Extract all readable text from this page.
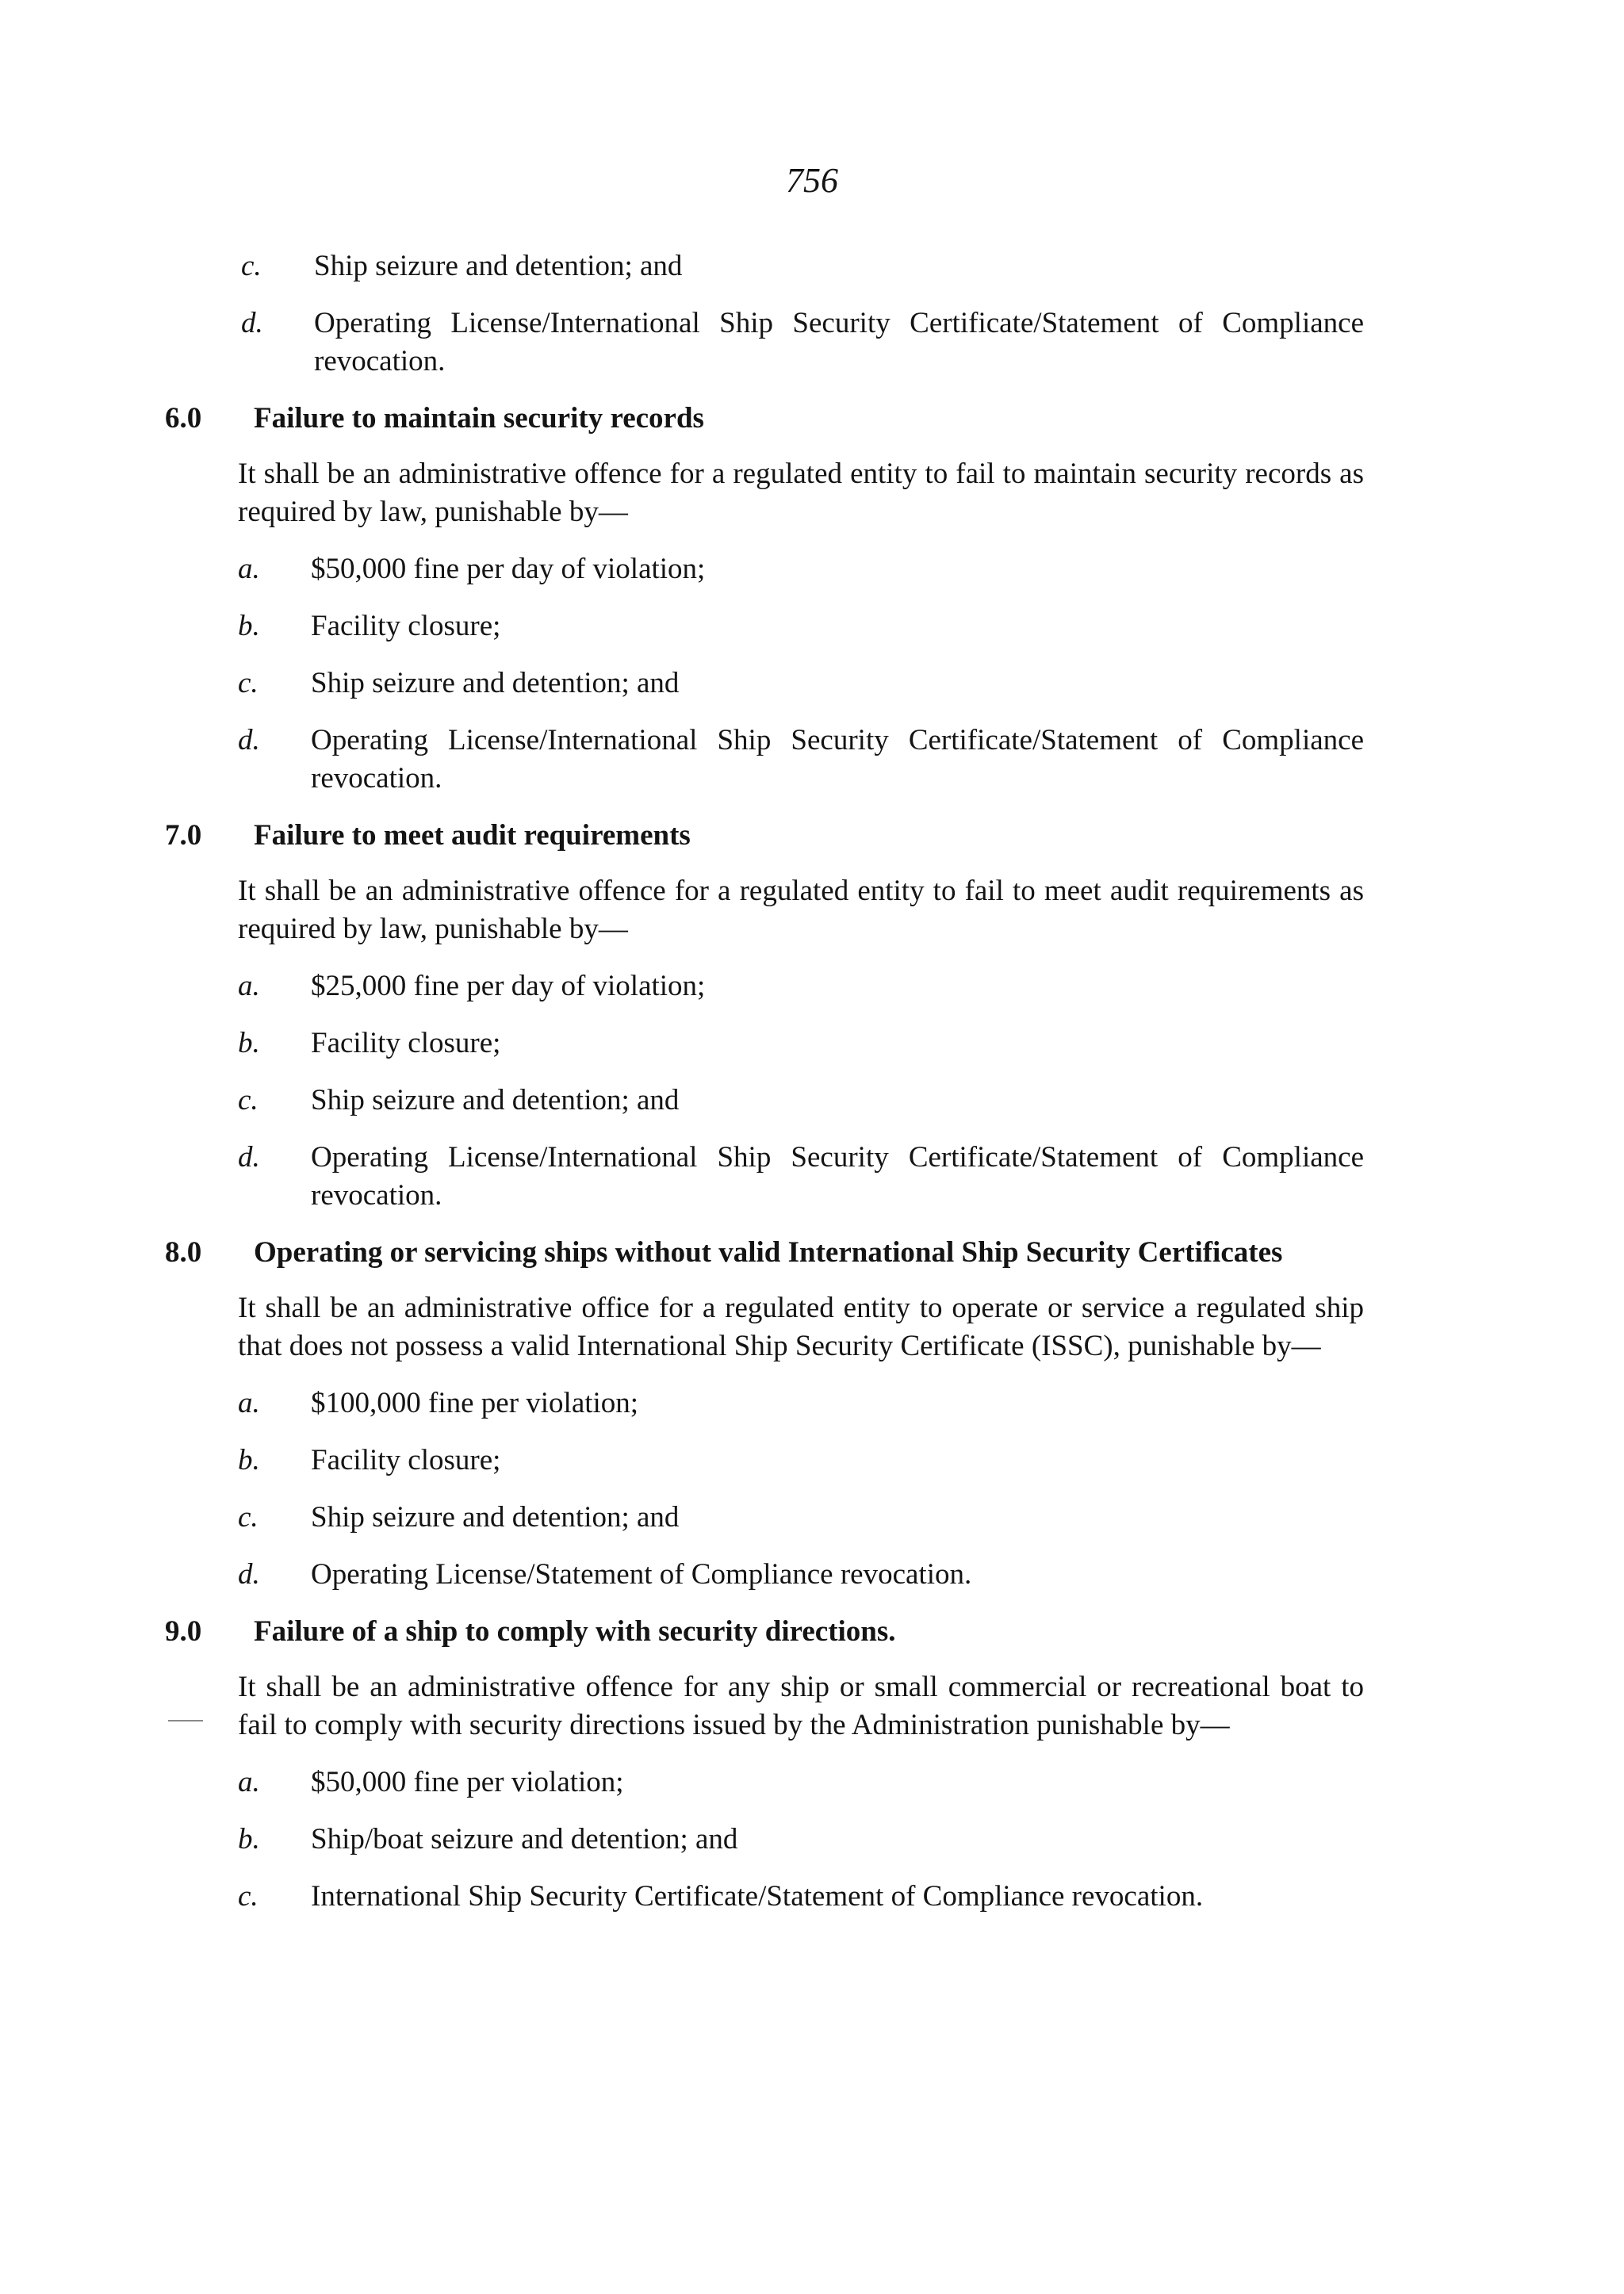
756
c.	Ship seizure and detention; and
d.	Operating License/International Ship Security Certificate/Statement of Compliance revocation.
6.0	Failure to maintain security records
It shall be an administrative offence for a regulated entity to fail to maintain security records as required by law, punishable by—
a.	$50,000 fine per day of violation;
b.	Facility closure;
c.	Ship seizure and detention; and
d.	Operating License/International Ship Security Certificate/Statement of Compliance revocation.
7.0	Failure to meet audit requirements
It shall be an administrative offence for a regulated entity to fail to meet audit requirements as required by law, punishable by—
a.	$25,000 fine per day of violation;
b.	Facility closure;
c.	Ship seizure and detention; and
d.	Operating License/International Ship Security Certificate/Statement of Compliance revocation.
8.0	Operating or servicing ships without valid International Ship Security Certificates
It shall be an administrative office for a regulated entity to operate or service a regulated ship that does not possess a valid International Ship Security Certificate (ISSC), punishable by—
a.	$100,000 fine per violation;
b.	Facility closure;
c.	Ship seizure and detention; and
d.	Operating License/Statement of Compliance revocation.
9.0	Failure of a ship to comply with security directions.
It shall be an administrative offence for any ship or small commercial or recreational boat to fail to comply with security directions issued by the Administration punishable by—
a.	$50,000 fine per violation;
b.	Ship/boat seizure and detention; and
c.	International Ship Security Certificate/Statement of Compliance revocation.
